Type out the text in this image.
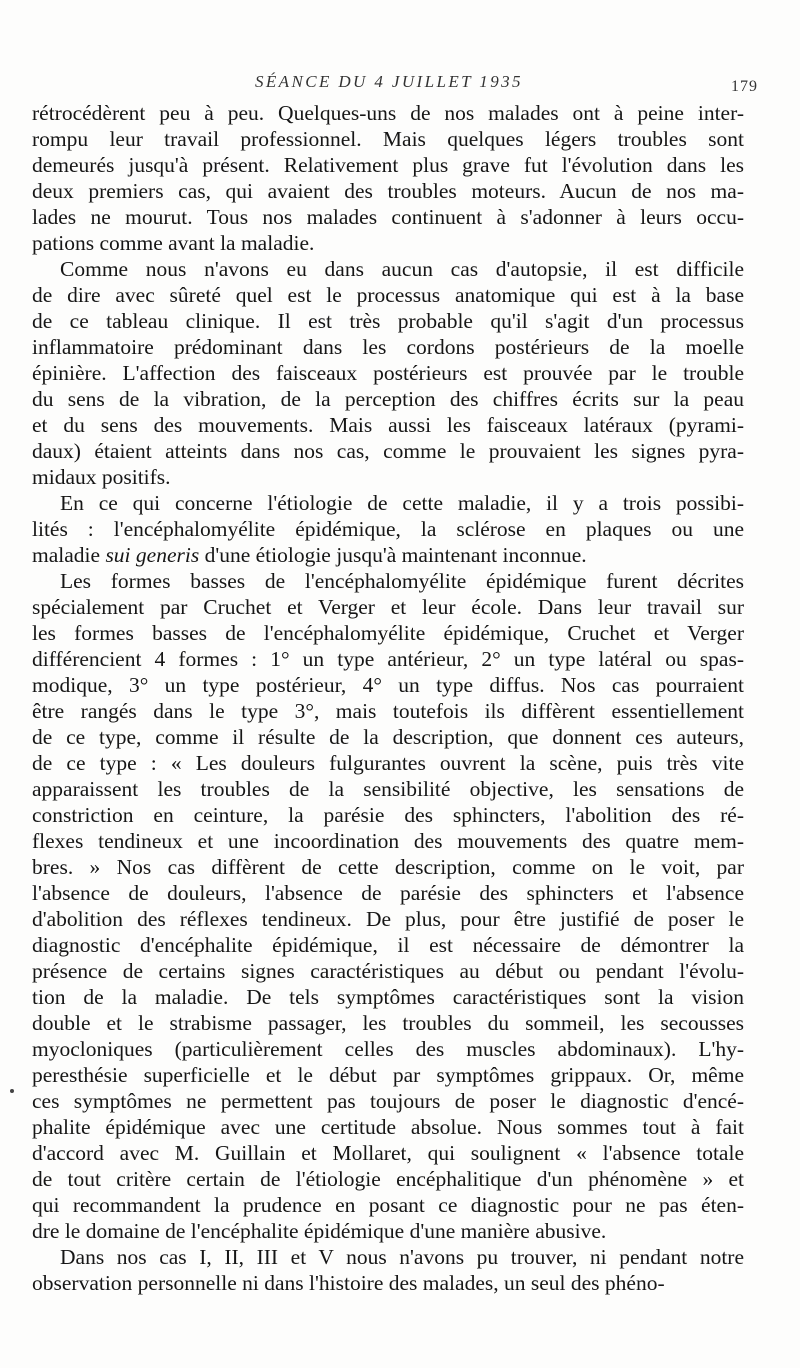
SÉANCE DU 4 JUILLET 1935	179
rétrocédèrent peu à peu. Quelques-uns de nos malades ont à peine inter-
rompu leur travail professionnel. Mais quelques légers troubles sont
demeurés jusqu'à présent. Relativement plus grave fut l'évolution dans les
deux premiers cas, qui avaient des troubles moteurs. Aucun de nos ma-
lades ne mourut. Tous nos malades continuent à s'adonner à leurs occu-
pations comme avant la maladie.
Comme nous n'avons eu dans aucun cas d'autopsie, il est difficile
de dire avec sûreté quel est le processus anatomique qui est à la base
de ce tableau clinique. Il est très probable qu'il s'agit d'un processus
inflammatoire prédominant dans les cordons postérieurs de la moelle
épinière. L'affection des faisceaux postérieurs est prouvée par le trouble
du sens de la vibration, de la perception des chiffres écrits sur la peau
et du sens des mouvements. Mais aussi les faisceaux latéraux (pyrami-
daux) étaient atteints dans nos cas, comme le prouvaient les signes pyra-
midaux positifs.
En ce qui concerne l'étiologie de cette maladie, il y a trois possibi-
lités : l'encéphalomyélite épidémique, la sclérose en plaques ou une
maladie sui generis d'une étiologie jusqu'à maintenant inconnue.
Les formes basses de l'encéphalomyélite épidémique furent décrites
spécialement par Cruchet et Verger et leur école. Dans leur travail sur
les formes basses de l'encéphalomyélite épidémique, Cruchet et Verger
différencient 4 formes : 1° un type antérieur, 2° un type latéral ou spas-
modique, 3° un type postérieur, 4° un type diffus. Nos cas pourraient
être rangés dans le type 3°, mais toutefois ils diffèrent essentiellement
de ce type, comme il résulte de la description, que donnent ces auteurs,
de ce type : « Les douleurs fulgurantes ouvrent la scène, puis très vite
apparaissent les troubles de la sensibilité objective, les sensations de
constriction en ceinture, la parésie des sphincters, l'abolition des ré-
flexes tendineux et une incoordination des mouvements des quatre mem-
bres. » Nos cas diffèrent de cette description, comme on le voit, par
l'absence de douleurs, l'absence de parésie des sphincters et l'absence
d'abolition des réflexes tendineux. De plus, pour être justifié de poser le
diagnostic d'encéphalite épidémique, il est nécessaire de démontrer la
présence de certains signes caractéristiques au début ou pendant l'évolu-
tion de la maladie. De tels symptômes caractéristiques sont la vision
double et le strabisme passager, les troubles du sommeil, les secousses
myocloniques (particulièrement celles des muscles abdominaux). L'hy-
peresthésie superficielle et le début par symptômes grippaux. Or, même
ces symptômes ne permettent pas toujours de poser le diagnostic d'encé-
phalite épidémique avec une certitude absolue. Nous sommes tout à fait
d'accord avec M. Guillain et Mollaret, qui soulignent « l'absence totale
de tout critère certain de l'étiologie encéphalitique d'un phénomène » et
qui recommandent la prudence en posant ce diagnostic pour ne pas éten-
dre le domaine de l'encéphalite épidémique d'une manière abusive.
Dans nos cas I, II, III et V nous n'avons pu trouver, ni pendant notre
observation personnelle ni dans l'histoire des malades, un seul des phéno-
